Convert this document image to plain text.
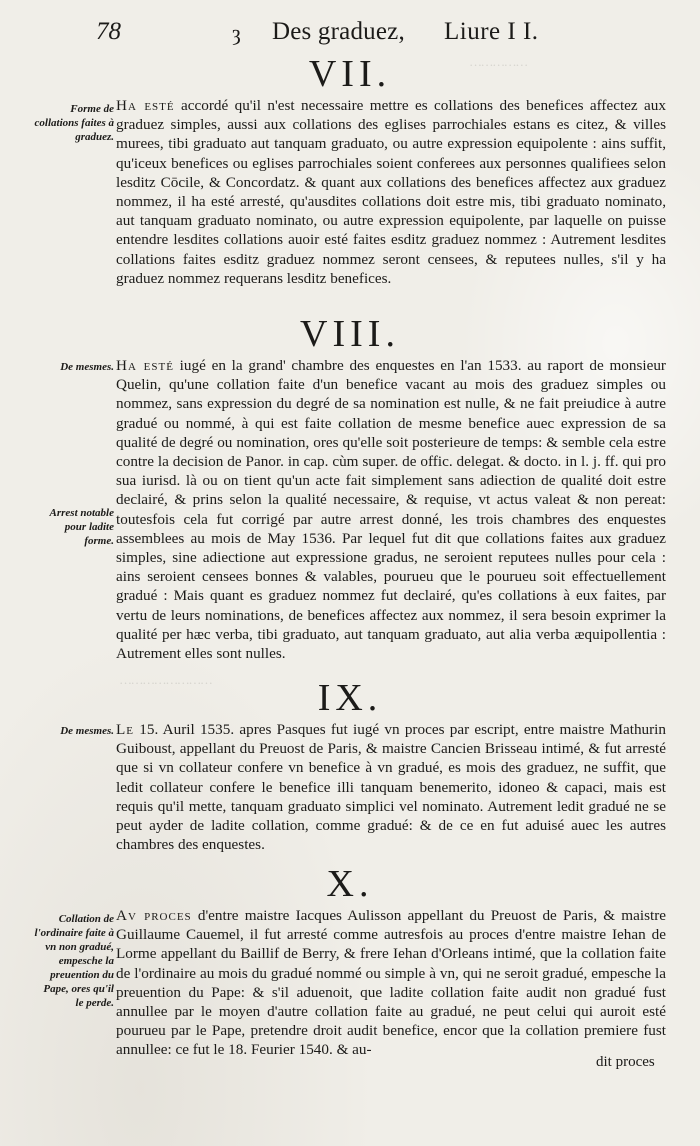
……………
……………………
78	ȝ Des graduez, Liure I I.
VII.
Ha esté accordé qu'il n'est necessaire mettre es collations des benefices affectez aux graduez simples, aussi aux collations des eglises parrochiales estans es citez, & villes murees, tibi graduato aut tanquam graduato, ou autre expression equipolente : ains suffit, qu'iceux benefices ou eglises parrochiales soient conferees aux personnes qualifiees selon lesditz Cōcile, & Concordatz. & quant aux collations des benefices affectez aux graduez nommez, il ha esté arresté, qu'ausdites collations doit estre mis, tibi graduato nominato, aut tanquam graduato nominato, ou autre expression equipolente, par laquelle on puisse entendre lesdites collations auoir esté faites esditz graduez nommez : Autrement lesdites collations faites esditz graduez nommez seront censees, & reputees nulles, s'il y ha graduez nommez requerans lesditz benefices.
Forme de collations faites à graduez.
VIII.
Ha esté iugé en la grand' chambre des enquestes en l'an 1533. au raport de monsieur Quelin, qu'une collation faite d'un benefice vacant au mois des graduez simples ou nommez, sans expression du degré de sa nomination est nulle, & ne fait preiudice à autre gradué ou nommé, à qui est faite collation de mesme benefice auec expression de sa qualité de degré ou nomination, ores qu'elle soit posterieure de temps: & semble cela estre contre la decision de Panor. in cap. cùm super. de offic. delegat. & docto. in l. j. ff. qui pro sua iurisd. là ou on tient qu'un acte fait simplement sans adiection de qualité doit estre declairé, & prins selon la qualité necessaire, & requise, vt actus valeat & non pereat: toutesfois cela fut corrigé par autre arrest donné, les trois chambres des enquestes assemblees au mois de May 1536. Par lequel fut dit que collations faites aux graduez simples, sine adiectione aut expressione gradus, ne seroient reputees nulles pour cela : ains seroient censees bonnes & valables, pourueu que le pourueu soit effectuellement gradué : Mais quant es graduez nommez fut declairé, qu'es collations à eux faites, par vertu de leurs nominations, de benefices affectez aux nommez, il sera besoin exprimer la qualité per hæc verba, tibi graduato, aut tanquam graduato, aut alia verba æquipollentia : Autrement elles sont nulles.
De mesmes.
Arrest notable pour ladite forme.
IX.
Le 15. Auril 1535. apres Pasques fut iugé vn proces par escript, entre maistre Mathurin Guiboust, appellant du Preuost de Paris, & maistre Cancien Brisseau intimé, & fut arresté que si vn collateur confere vn benefice à vn gradué, es mois des graduez, ne suffit, que ledit collateur confere le benefice illi tanquam benemerito, idoneo & capaci, mais est requis qu'il mette, tanquam graduato simplici vel nominato. Autrement ledit gradué ne se peut ayder de ladite collation, comme gradué: & de ce en fut aduisé auec les autres chambres des enquestes.
De mesmes.
X.
Av proces d'entre maistre Iacques Aulisson appellant du Preuost de Paris, & maistre Guillaume Cauemel, il fut arresté comme autresfois au proces d'entre maistre Iehan de Lorme appellant du Baillif de Berry, & frere Iehan d'Orleans intimé, que la collation faite de l'ordinaire au mois du gradué nommé ou simple à vn, qui ne seroit gradué, empesche la preuention du Pape: & s'il aduenoit, que ladite collation faite audit non gradué fust annullee par le moyen d'autre collation faite au gradué, ne peut celui qui auroit esté pourueu par le Pape, pretendre droit audit benefice, encor que la collation premiere fust annullee: ce fut le 18. Feurier 1540. & au-
Collation de l'ordinaire faite à vn non gradué, empesche la preuention du Pape, ores qu'il le perde.
dit proces
